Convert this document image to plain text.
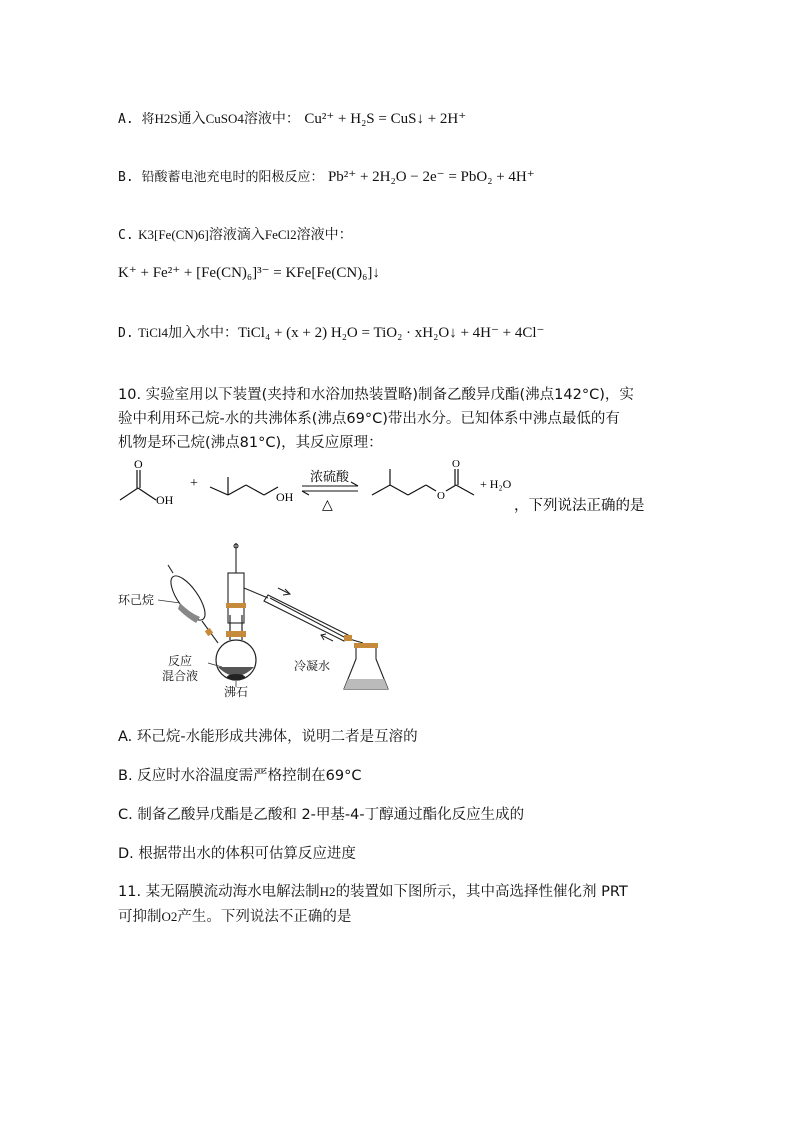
A. 将H2S通入CuSO4溶液中： Cu²⁺ + H₂S = CuS↓ + 2H⁺
B. 铅酸蓄电池充电时的阳极反应： Pb²⁺ + 2H₂O − 2e⁻ = PbO₂ + 4H⁺
C. K3[Fe(CN)6]溶液滴入FeCl2溶液中：
K⁺ + Fe²⁺ + [Fe(CN)₆]³⁻ = KFe[Fe(CN)₆]↓
D. TiCl4加入水中：TiCl₄ + (x + 2) H₂O = TiO₂ · xH₂O↓ + 4H⁻ + 4Cl⁻
10. 实验室用以下装置(夹持和水浴加热装置略)制备乙酸异戊酯(沸点142°C)，实
验中利用环己烷-水的共沸体系(沸点69°C)带出水分。已知体系中沸点最低的有
机物是环己烷(沸点81°C)，其反应原理：
O
OH
+
OH
浓硫酸
△
O
O
+ H₂O
，下列说法正确的是
环己烷
反应
混合液
沸石
冷凝水
A. 环己烷-水能形成共沸体，说明二者是互溶的
B. 反应时水浴温度需严格控制在69°C
C. 制备乙酸异戊酯是乙酸和 2-甲基-4-丁醇通过酯化反应生成的
D. 根据带出水的体积可估算反应进度
11. 某无隔膜流动海水电解法制H2的装置如下图所示，其中高选择性催化剂 PRT
可抑制O2产生。下列说法不正确的是
